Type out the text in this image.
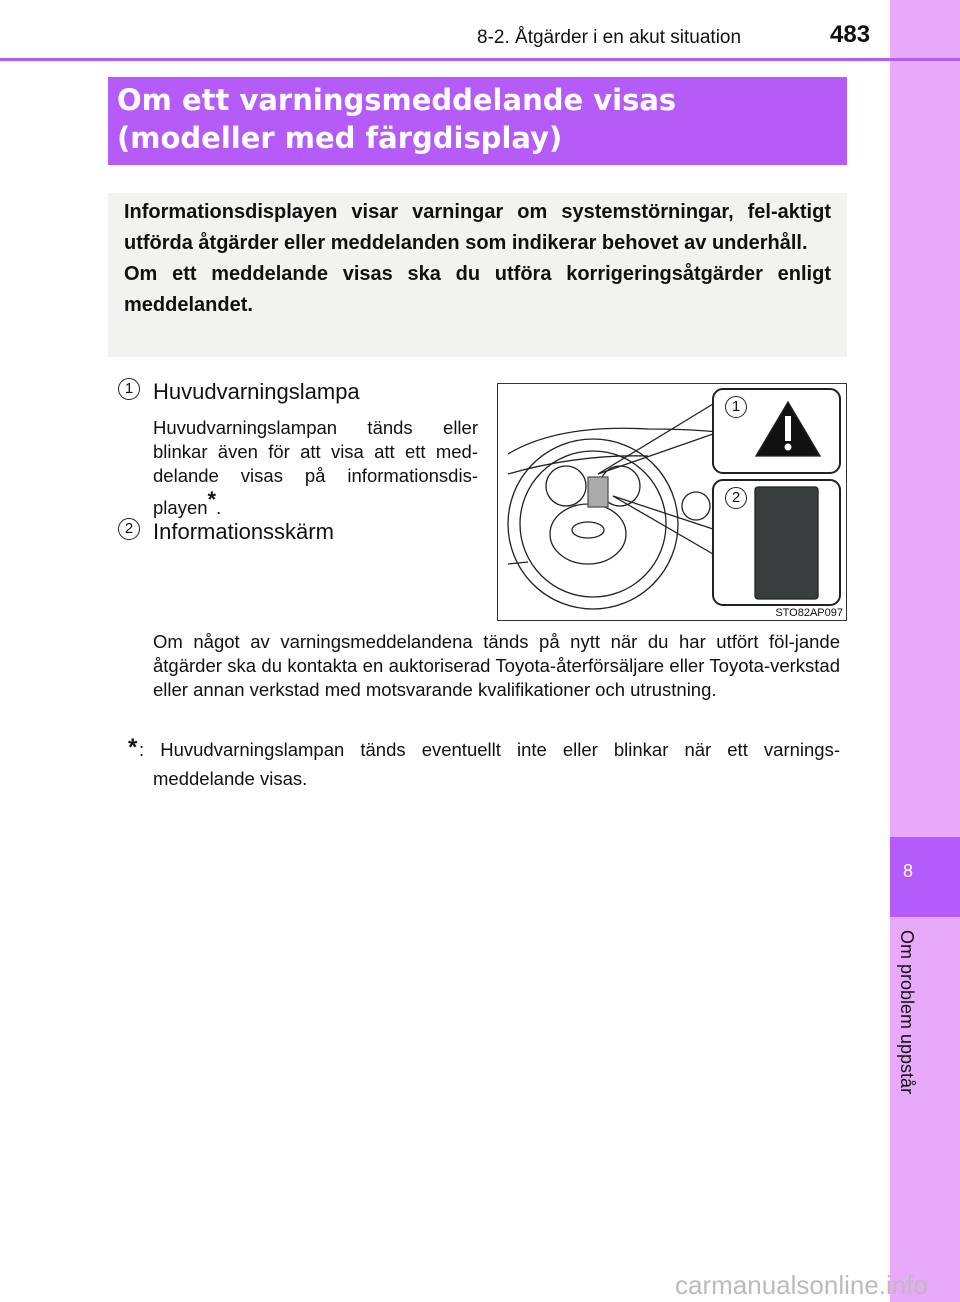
8
Om problem uppstår
8-2. Åtgärder i en akut situation	483
Om ett varningsmeddelande visas (modeller med färgdisplay)
Informationsdisplayen visar varningar om systemstörningar, fel-aktigt utförda åtgärder eller meddelanden som indikerar behovet av underhåll.
Om ett meddelande visas ska du utföra korrigeringsåtgärder enligt meddelandet.
1 Huvudvarningslampa
Huvudvarningslampan tänds eller blinkar även för att visa att ett med-delande visas på informationsdis-playen*.
2 Informationsskärm
1
2
STO82AP097
Om något av varningsmeddelandena tänds på nytt när du har utfört föl-jande åtgärder ska du kontakta en auktoriserad Toyota-återförsäljare eller Toyota-verkstad eller annan verkstad med motsvarande kvalifikationer och utrustning.
* : Huvudvarningslampan tänds eventuellt inte eller blinkar när ett varnings-meddelande visas.
carmanualsonline.info
